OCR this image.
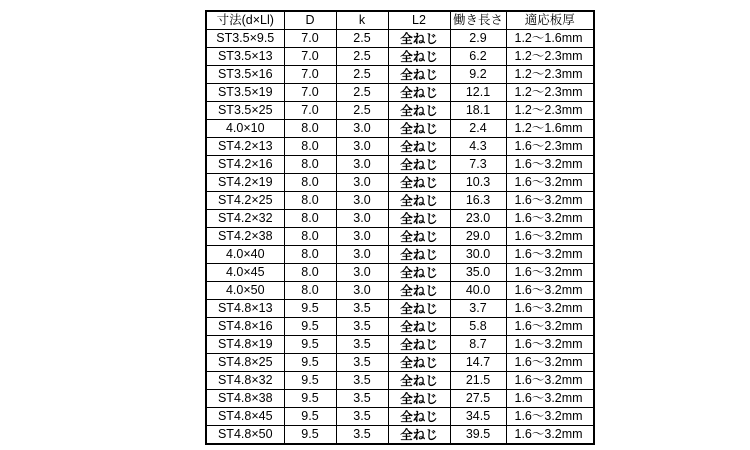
寸法(d×Ll)	D	k	L2	働き長さ	適応板厚
ST3.5×9.5	7.0	2.5	全ねじ	2.9	1.2～1.6mm
ST3.5×13	7.0	2.5	全ねじ	6.2	1.2～2.3mm
ST3.5×16	7.0	2.5	全ねじ	9.2	1.2～2.3mm
ST3.5×19	7.0	2.5	全ねじ	12.1	1.2～2.3mm
ST3.5×25	7.0	2.5	全ねじ	18.1	1.2～2.3mm
4.0×10	8.0	3.0	全ねじ	2.4	1.2～1.6mm
ST4.2×13	8.0	3.0	全ねじ	4.3	1.6～2.3mm
ST4.2×16	8.0	3.0	全ねじ	7.3	1.6～3.2mm
ST4.2×19	8.0	3.0	全ねじ	10.3	1.6～3.2mm
ST4.2×25	8.0	3.0	全ねじ	16.3	1.6～3.2mm
ST4.2×32	8.0	3.0	全ねじ	23.0	1.6～3.2mm
ST4.2×38	8.0	3.0	全ねじ	29.0	1.6～3.2mm
4.0×40	8.0	3.0	全ねじ	30.0	1.6～3.2mm
4.0×45	8.0	3.0	全ねじ	35.0	1.6～3.2mm
4.0×50	8.0	3.0	全ねじ	40.0	1.6～3.2mm
ST4.8×13	9.5	3.5	全ねじ	3.7	1.6～3.2mm
ST4.8×16	9.5	3.5	全ねじ	5.8	1.6～3.2mm
ST4.8×19	9.5	3.5	全ねじ	8.7	1.6～3.2mm
ST4.8×25	9.5	3.5	全ねじ	14.7	1.6～3.2mm
ST4.8×32	9.5	3.5	全ねじ	21.5	1.6～3.2mm
ST4.8×38	9.5	3.5	全ねじ	27.5	1.6～3.2mm
ST4.8×45	9.5	3.5	全ねじ	34.5	1.6～3.2mm
ST4.8×50	9.5	3.5	全ねじ	39.5	1.6～3.2mm
